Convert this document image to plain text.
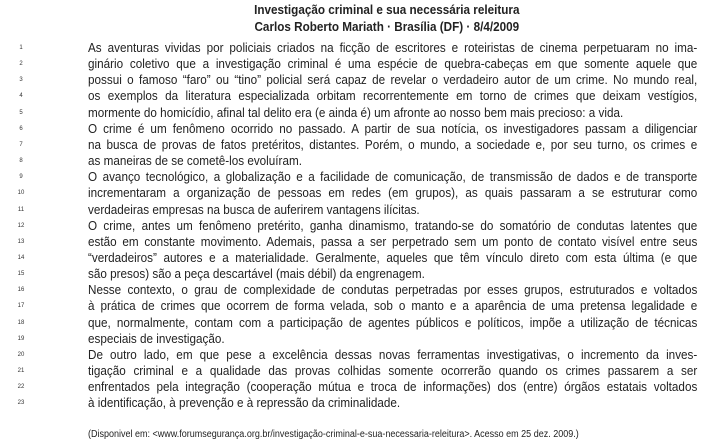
Investigação criminal e sua necessária releitura
Carlos Roberto Mariath · Brasília (DF) · 8/4/2009
1	As aventuras vividas por policiais criados na ficção de escritores e roteiristas de cinema perpetuaram no ima-
2	ginário coletivo que a investigação criminal é uma espécie de quebra-cabeças em que somente aquele que
3	possui o famoso “faro” ou “tino” policial será capaz de revelar o verdadeiro autor de um crime. No mundo real,
4	os exemplos da literatura especializada orbitam recorrentemente em torno de crimes que deixam vestígios,
5	mormente do homicídio, afinal tal delito era (e ainda é) um afronte ao nosso bem mais precioso: a vida.
6	O crime é um fenômeno ocorrido no passado. A partir de sua notícia, os investigadores passam a diligenciar
7	na busca de provas de fatos pretéritos, distantes. Porém, o mundo, a sociedade e, por seu turno, os crimes e
8	as maneiras de se cometê-los evoluíram.
9	O avanço tecnológico, a globalização e a facilidade de comunicação, de transmissão de dados e de transporte
10	incrementaram a organização de pessoas em redes (em grupos), as quais passaram a se estruturar como
11	verdadeiras empresas na busca de auferirem vantagens ilícitas.
12	O crime, antes um fenômeno pretérito, ganha dinamismo, tratando-se do somatório de condutas latentes que
13	estão em constante movimento. Ademais, passa a ser perpetrado sem um ponto de contato visível entre seus
14	“verdadeiros” autores e a materialidade. Geralmente, aqueles que têm vínculo direto com esta última (e que
15	são presos) são a peça descartável (mais débil) da engrenagem.
16	Nesse contexto, o grau de complexidade de condutas perpetradas por esses grupos, estruturados e voltados
17	à prática de crimes que ocorrem de forma velada, sob o manto e a aparência de uma pretensa legalidade e
18	que, normalmente, contam com a participação de agentes públicos e políticos, impõe a utilização de técnicas
19	especiais de investigação.
20	De outro lado, em que pese a excelência dessas novas ferramentas investigativas, o incremento da inves-
21	tigação criminal e a qualidade das provas colhidas somente ocorrerão quando os crimes passarem a ser
22	enfrentados pela integração (cooperação mútua e troca de informações) dos (entre) órgãos estatais voltados
23	à identificação, à prevenção e à repressão da criminalidade.
(Disponivel em: <www.forumsegurança.org.br/investigação-criminal-e-sua-necessaria-releitura>. Acesso em 25 dez. 2009.)
